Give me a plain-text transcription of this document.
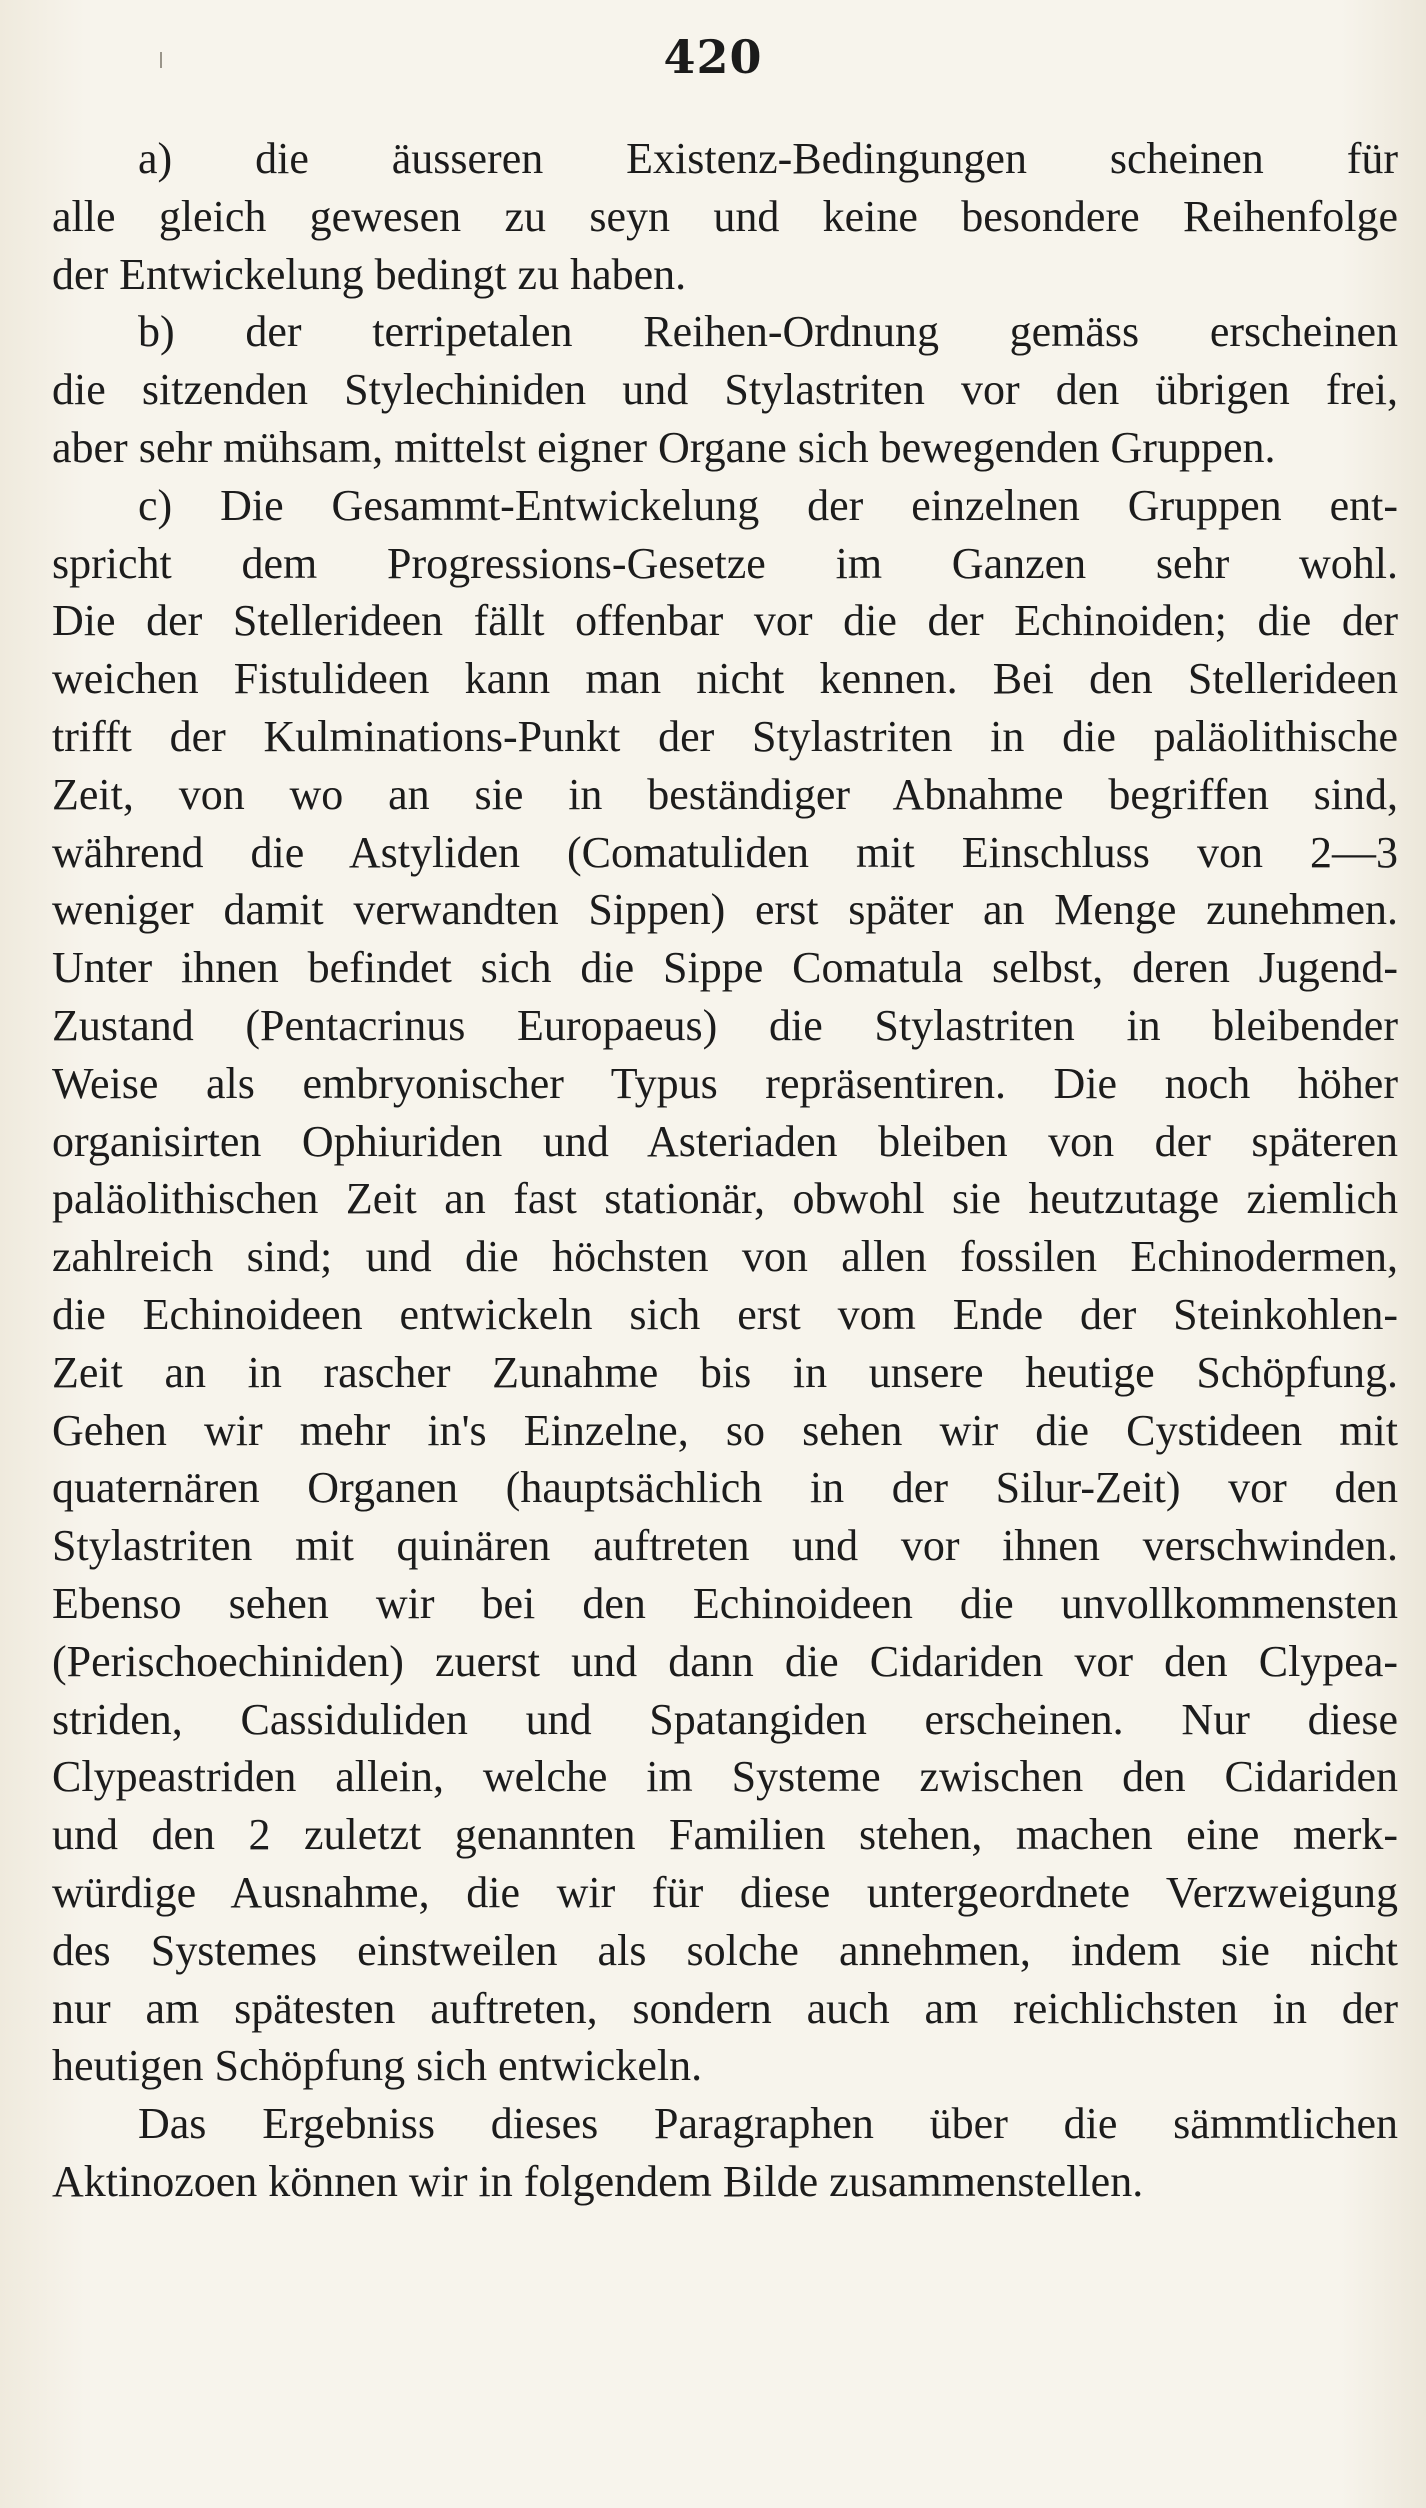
420
a) die äusseren Existenz-Bedingungen scheinen für
alle gleich gewesen zu seyn und keine besondere Reihenfolge
der Entwickelung bedingt zu haben.
b) der terripetalen Reihen-Ordnung gemäss erscheinen
die sitzenden Stylechiniden und Stylastriten vor den übrigen frei,
aber sehr mühsam, mittelst eigner Organe sich bewegenden Gruppen.
c) Die Gesammt-Entwickelung der einzelnen Gruppen ent-
spricht dem Progressions-Gesetze im Ganzen sehr wohl.
Die der Stellerideen fällt offenbar vor die der Echinoiden; die der
weichen Fistulideen kann man nicht kennen. Bei den Stellerideen
trifft der Kulminations-Punkt der Stylastriten in die paläolithische
Zeit, von wo an sie in beständiger Abnahme begriffen sind,
während die Astyliden (Comatuliden mit Einschluss von 2—3
weniger damit verwandten Sippen) erst später an Menge zunehmen.
Unter ihnen befindet sich die Sippe Comatula selbst, deren Jugend-
Zustand (Pentacrinus Europaeus) die Stylastriten in bleibender
Weise als embryonischer Typus repräsentiren. Die noch höher
organisirten Ophiuriden und Asteriaden bleiben von der späteren
paläolithischen Zeit an fast stationär, obwohl sie heutzutage ziemlich
zahlreich sind; und die höchsten von allen fossilen Echinodermen,
die Echinoideen entwickeln sich erst vom Ende der Steinkohlen-
Zeit an in rascher Zunahme bis in unsere heutige Schöpfung.
Gehen wir mehr in's Einzelne, so sehen wir die Cystideen mit
quaternären Organen (hauptsächlich in der Silur-Zeit) vor den
Stylastriten mit quinären auftreten und vor ihnen verschwinden.
Ebenso sehen wir bei den Echinoideen die unvollkommensten
(Perischoechiniden) zuerst und dann die Cidariden vor den Clypea-
striden, Cassiduliden und Spatangiden erscheinen. Nur diese
Clypeastriden allein, welche im Systeme zwischen den Cidariden
und den 2 zuletzt genannten Familien stehen, machen eine merk-
würdige Ausnahme, die wir für diese untergeordnete Verzweigung
des Systemes einstweilen als solche annehmen, indem sie nicht
nur am spätesten auftreten, sondern auch am reichlichsten in der
heutigen Schöpfung sich entwickeln.
Das Ergebniss dieses Paragraphen über die sämmtlichen
Aktinozoen können wir in folgendem Bilde zusammenstellen.
